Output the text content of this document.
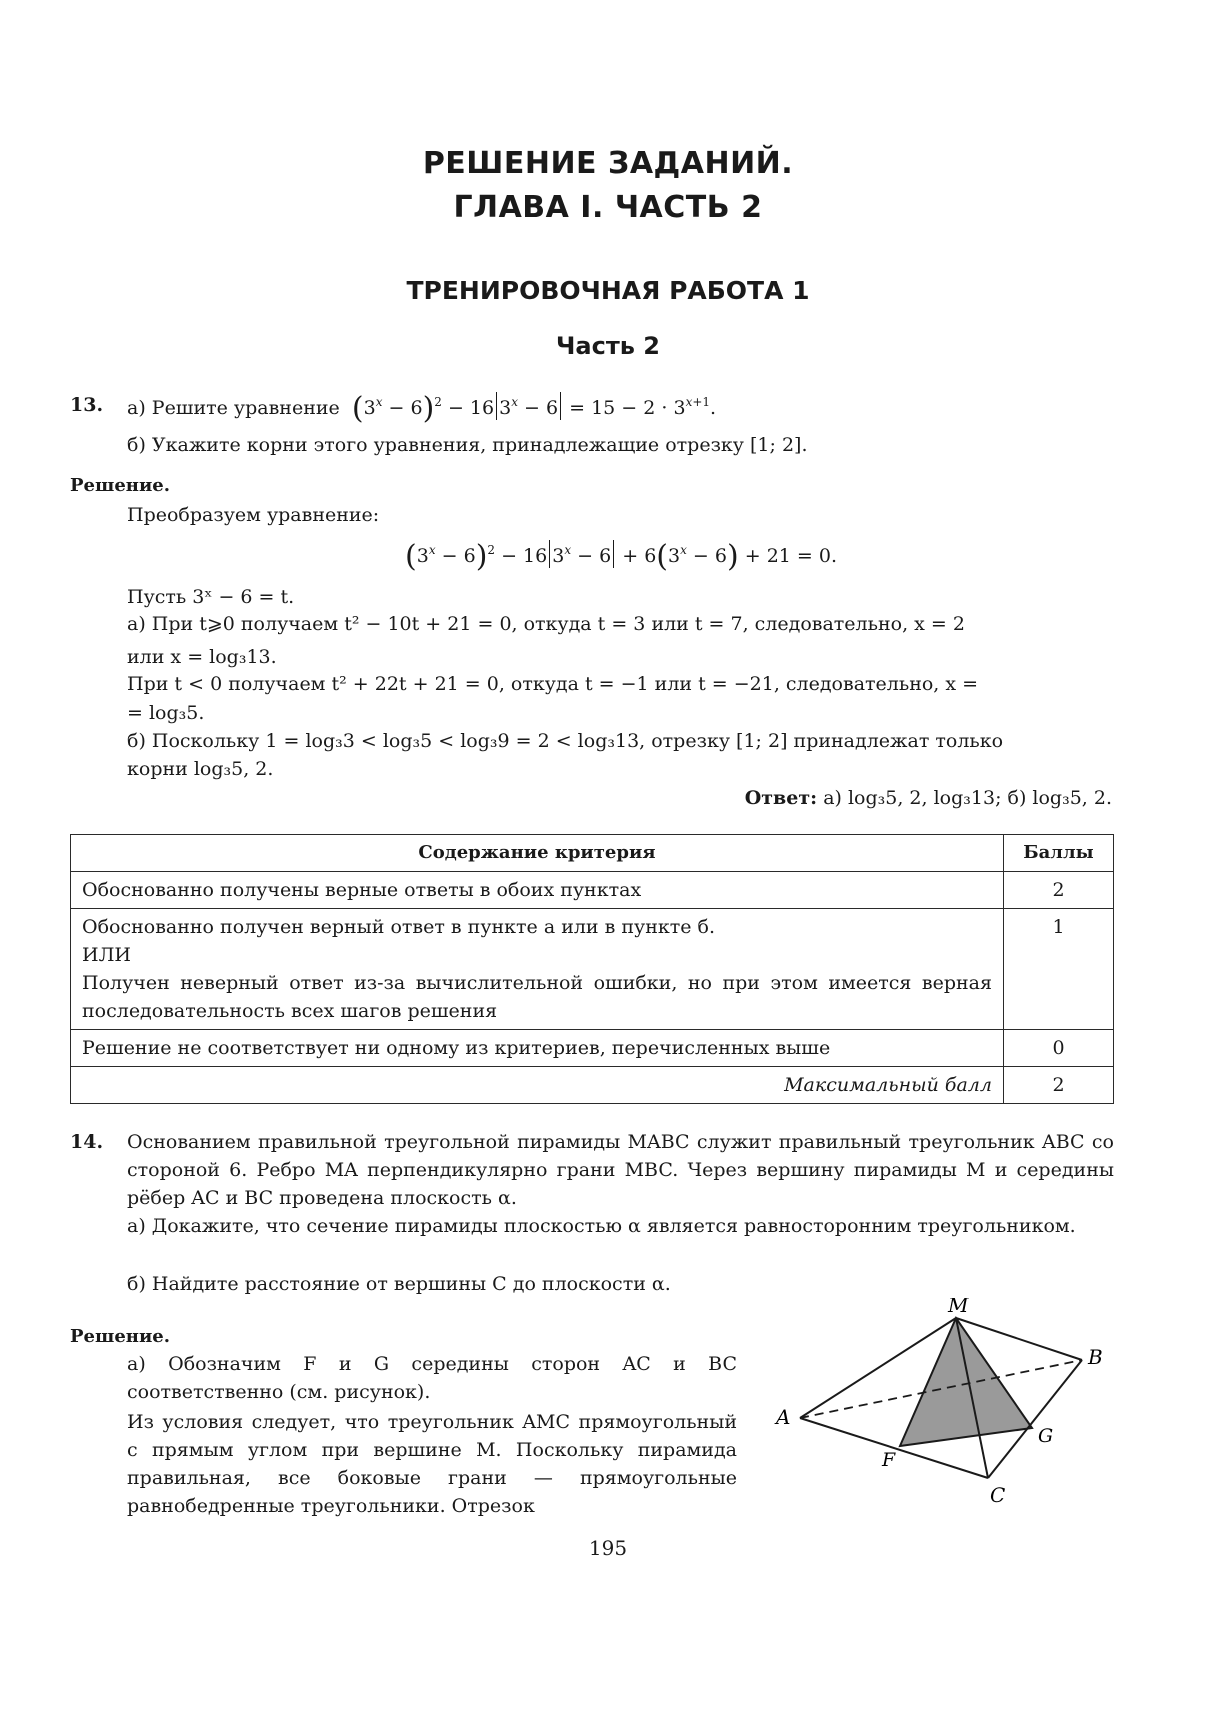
РЕШЕНИЕ ЗАДАНИЙ.
ГЛАВА I. ЧАСТЬ 2
ТРЕНИРОВОЧНАЯ РАБОТА 1
Часть 2
13. а) Решите уравнение $(3^x - 6)^2 - 16$ $3^x - 6 = 15 - 2 \cdot 3^{x+1}$.
б) Укажите корни этого уравнения, принадлежащие отрезку [1; 2].
Решение.
Преобразуем уравнение:
$(3^x - 6)^2 - 16$ $3^x - 6 + 6(3^x - 6) + 21 = 0$.
Пусть 3ˣ − 6 = t.
а) При t⩾0 получаем t² − 10t + 21 = 0, откуда t = 3 или t = 7, следовательно, x = 2
или x = log₃13.
При t < 0 получаем t² + 22t + 21 = 0, откуда t = −1 или t = −21, следовательно, x =
= log₃5.
б) Поскольку 1 = log₃3 < log₃5 < log₃9 = 2 < log₃13, отрезку [1; 2] принадлежат только
корни log₃5, 2.
Ответ: а) log₃5, 2, log₃13; б) log₃5, 2.
Содержание критерия	Баллы
Обоснованно получены верные ответы в обоих пунктах	2

Обоснованно получен верный ответ в пункте а или в пункте б.
ИЛИ
Получен неверный ответ из-за вычислительной ошибки, но при этом имеется верная последовательность всех шагов решения	1
Решение не соответствует ни одному из критериев, перечисленных выше	0
Максимальный балл	2
14. Основанием правильной треугольной пирамиды MABC служит правильный треугольник ABC со стороной 6. Ребро MA перпендикулярно грани MBC. Через вершину пирамиды M и середины рёбер AC и BC проведена плоскость α.
а) Докажите, что сечение пирамиды плоскостью α является равносторонним треугольником.
б) Найдите расстояние от вершины C до плоскости α.
Решение.
а) Обозначим F и G середины сторон AC и BC соответственно (см. рисунок).
Из условия следует, что треугольник AMC прямоугольный с прямым углом при вершине M. Поскольку пирамида правильная, все боковые грани — прямоугольные равнобедренные треугольники. Отрезок
M
A
B
C
F
G
195
